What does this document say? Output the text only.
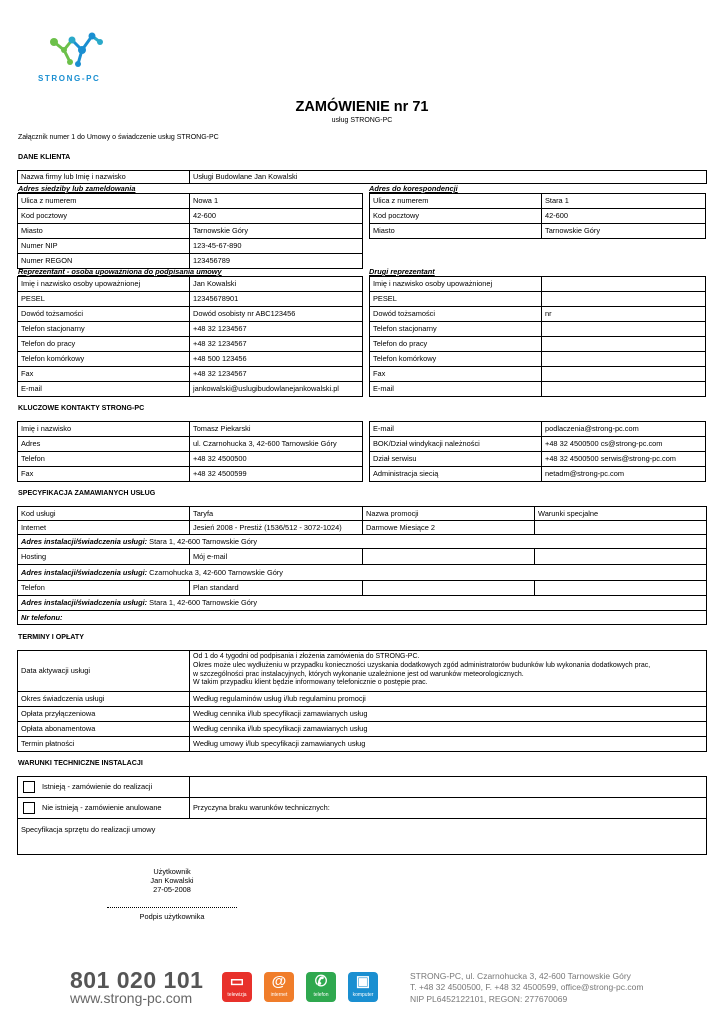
STRONG-PC
ZAMÓWIENIE nr 71
usług STRONG-PC
Załącznik numer 1 do Umowy o świadczenie usług STRONG-PC
DANE KLIENTA
Nazwa firmy lub Imię i nazwisko	Usługi Budowlane Jan Kowalski
Adres siedziby lub zameldowania	Adres do korespondencji
Ulica z numerem	Nowa 1
Kod pocztowy	42-600
Miasto	Tarnowskie Góry
Numer NIP	123-45-67-890
Numer REGON	123456789
Ulica z numerem	Stara 1
Kod pocztowy	42-600
Miasto	Tarnowskie Góry
Reprezentant - osoba upoważniona do podpisania umowy	Drugi reprezentant
Imię i nazwisko osoby upoważnionej	Jan Kowalski
PESEL	12345678901
Dowód tożsamości	Dowód osobisty nr ABC123456
Telefon stacjonarny	+48 32 1234567
Telefon do pracy	+48 32 1234567
Telefon komórkowy	+48 500 123456
Fax	+48 32 1234567
E-mail	jankowalski@uslugibudowlanejankowalski.pl
Imię i nazwisko osoby upoważnionej
PESEL
Dowód tożsamości	nr
Telefon stacjonarny
Telefon do pracy
Telefon komórkowy
Fax
E-mail
KLUCZOWE KONTAKTY STRONG-PC
Imię i nazwisko	Tomasz Piekarski
Adres	ul. Czarnohucka 3, 42-600 Tarnowskie Góry
Telefon	+48 32 4500500
Fax	+48 32 4500599
E-mail	podlaczenia@strong-pc.com
BOK/Dział windykacji należności	+48 32 4500500 cs@strong-pc.com
Dział serwisu	+48 32 4500500 serwis@strong-pc.com
Administracja siecią	netadm@strong-pc.com
SPECYFIKACJA ZAMAWIANYCH USŁUG
Kod usługi	Taryfa	Nazwa promocji	Warunki specjalne
Internet	Jesień 2008 - Prestiż (1536/512 - 3072-1024)	Darmowe Miesiące 2
Adres instalacji/świadczenia usługi :
Stara 1, 42-600 Tarnowskie Góry
Hosting	Mój e-mail
Adres instalacji/świadczenia usługi :
Czarnohucka 3, 42-600 Tarnowskie Góry
Telefon	Plan standard
Adres instalacji/świadczenia usługi :
Stara 1, 42-600 Tarnowskie Góry
Nr telefonu :
TERMINY I OPŁATY
Data aktywacji usługi
Od 1 do 4 tygodni od podpisania i złożenia zamówienia do STRONG-PC.
Okres może ulec wydłużeniu w przypadku konieczności uzyskania dodatkowych zgód administratorów budunków lub wykonania dodatkowych prac,
w szczególności prac instalacyjnych, których wykonanie uzależnione jest od warunków meteorologicznych.
W takim przypadku klient będzie informowany telefonicznie o postępie prac.
Okres świadczenia usługi	Według regulaminów usług i/lub regulaminu promocji
Opłata przyłączeniowa	Według cennika i/lub specyfikacji zamawianych usług
Opłata abonamentowa	Według cennika i/lub specyfikacji zamawianych usług
Termin płatności	Według umowy i/lub specyfikacji zamawianych usług
WARUNKI TECHNICZNE INSTALACJI
Istnieją - zamówienie do realizacji
Nie istnieją - zamówienie anulowane	Przyczyna braku warunków technicznych:
Specyfikacja sprzętu do realizacji umowy
Użytkownik
Jan Kowalski
27-05-2008
Podpis użytkownika
801 020 101
www.strong-pc.com
▭
telewizja
@
internet
✆
telefon
▣
komputer
STRONG-PC, ul. Czarnohucka 3, 42-600 Tarnowskie Góry
T. +48 32 4500500, F. +48 32 4500599, office@strong-pc.com
NIP PL6452122101, REGON: 277670069
